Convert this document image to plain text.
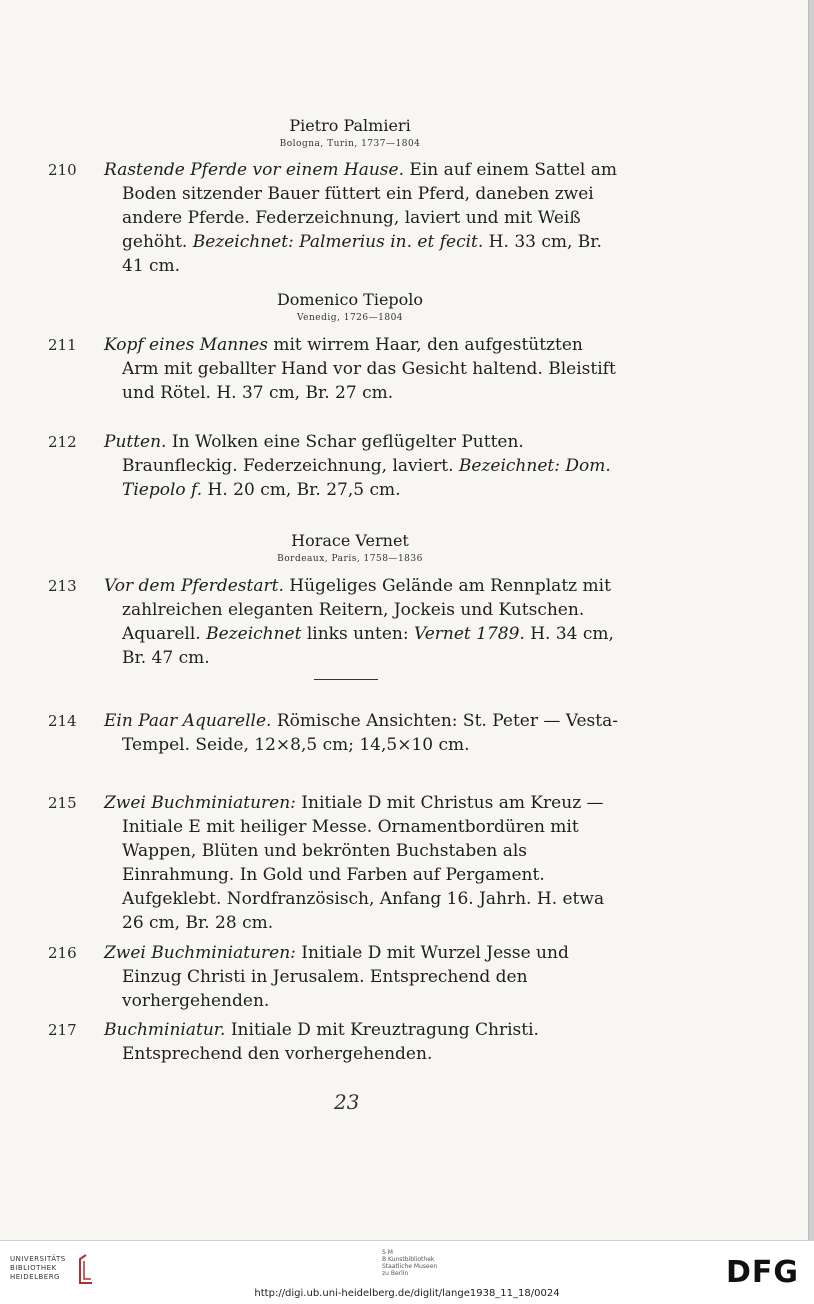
Pietro Palmieri
Bologna, Turin, 1737—1804
210	Rastende Pferde vor einem Hause. Ein auf einem Sattel am Boden sitzender Bauer füttert ein Pferd, daneben zwei andere Pferde. Federzeichnung, laviert und mit Weiß gehöht. Bezeichnet: Palmerius in. et fecit. H. 33 cm, Br. 41 cm.
Domenico Tiepolo
Venedig, 1726—1804
211	Kopf eines Mannes mit wirrem Haar, den aufgestützten Arm mit geballter Hand vor das Gesicht haltend. Bleistift und Rötel. H. 37 cm, Br. 27 cm.
212	Putten. In Wolken eine Schar geflügelter Putten. Braunfleckig. Federzeichnung, laviert. Bezeichnet: Dom. Tiepolo f. H. 20 cm, Br. 27,5 cm.
Horace Vernet
Bordeaux, Paris, 1758—1836
213	Vor dem Pferdestart. Hügeliges Gelände am Rennplatz mit zahlreichen eleganten Reitern, Jockeis und Kutschen. Aquarell. Bezeichnet links unten: Vernet 1789. H. 34 cm, Br. 47 cm.
214	Ein Paar Aquarelle. Römische Ansichten: St. Peter — Vesta-Tempel. Seide, 12×8,5 cm; 14,5×10 cm.
215	Zwei Buchminiaturen: Initiale D mit Christus am Kreuz — Initiale E mit heiliger Messe. Ornamentbordüren mit Wappen, Blüten und bekrönten Buchstaben als Einrahmung. In Gold und Farben auf Pergament. Aufgeklebt. Nordfranzösisch, Anfang 16. Jahrh. H. etwa 26 cm, Br. 28 cm.
216	Zwei Buchminiaturen: Initiale D mit Wurzel Jesse und Einzug Christi in Jerusalem. Entsprechend den vorhergehenden.
217	Buchminiatur. Initiale D mit Kreuztragung Christi. Entsprechend den vorhergehenden.
23
UNIVERSITÄTS
BIBLIOTHEK
HEIDELBERG
S M
B Kunstbibliothek
Staatliche Museen
zu Berlin	DFG
http://digi.ub.uni-heidelberg.de/diglit/lange1938_11_18/0024
